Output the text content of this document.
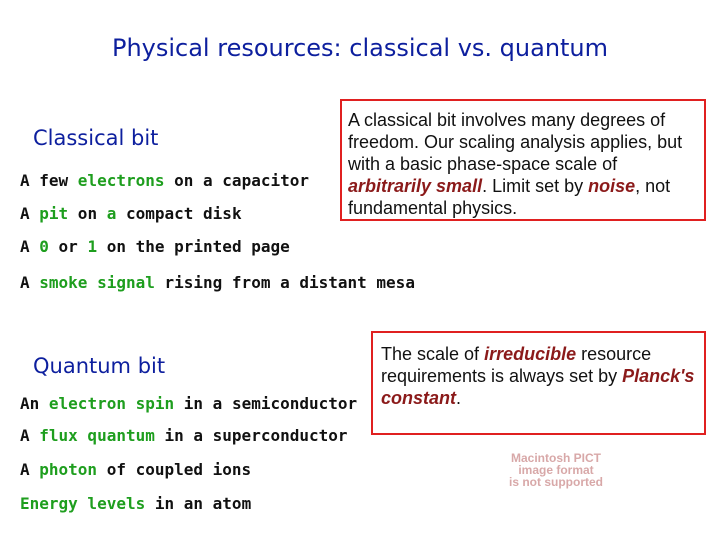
Physical resources: classical vs. quantum
Classical bit
A few electrons on a capacitor
A pit on a compact disk
A 0 or 1 on the printed page
A smoke signal rising from a distant mesa
A classical bit involves many degrees of freedom. Our scaling analysis applies, but with a basic phase-space scale of arbitrarily small. Limit set by noise, not fundamental physics.
Quantum bit
An electron spin in a semiconductor
A flux quantum in a superconductor
A photon of coupled ions
Energy levels in an atom
The scale of irreducible resource requirements is always set by Planck's constant.
Macintosh PICT
image format
is not supported
